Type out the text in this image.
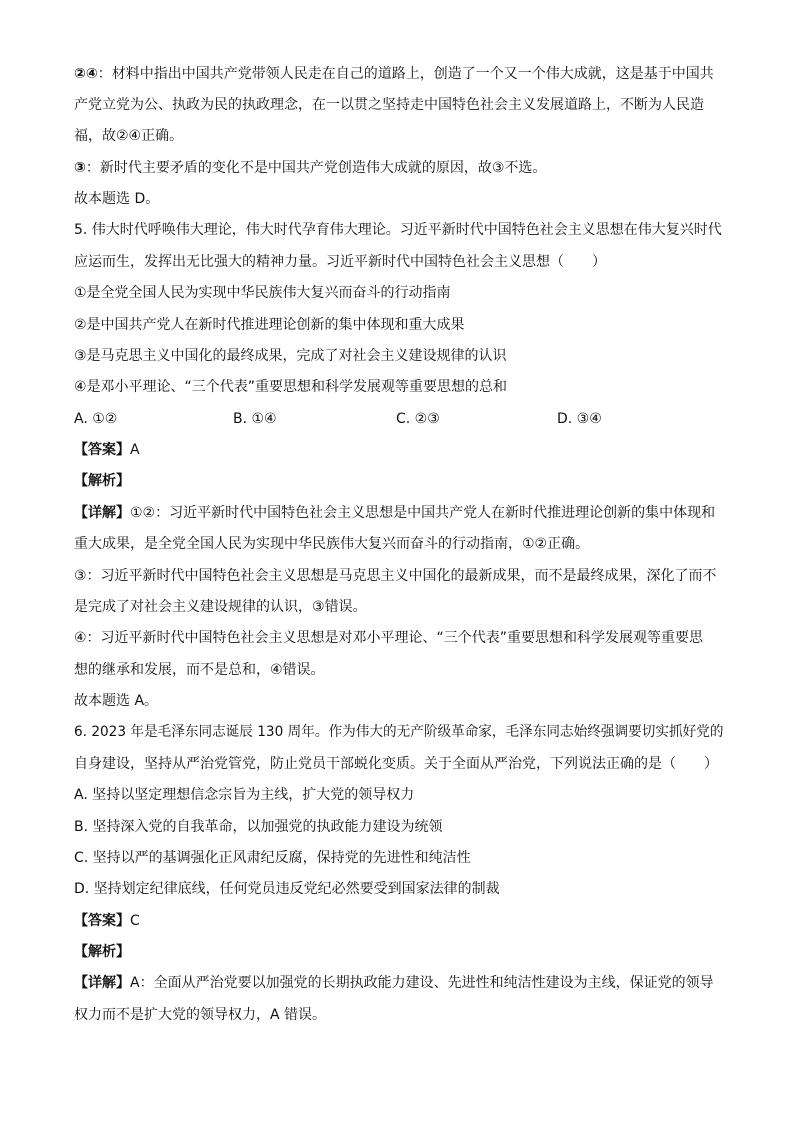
②④：材料中指出中国共产党带领人民走在自己的道路上，创造了一个又一个伟大成就，这是基于中国共
产党立党为公、执政为民的执政理念，在一以贯之坚持走中国特色社会主义发展道路上，不断为人民造
福，故②④正确。
③：新时代主要矛盾的变化不是中国共产党创造伟大成就的原因，故③不选。
故本题选 D。
5. 伟大时代呼唤伟大理论，伟大时代孕育伟大理论。习近平新时代中国特色社会主义思想在伟大复兴时代
应运而生，发挥出无比强大的精神力量。习近平新时代中国特色社会主义思想（　　）
①是全党全国人民为实现中华民族伟大复兴而奋斗的行动指南
②是中国共产党人在新时代推进理论创新的集中体现和重大成果
③是马克思主义中国化的最终成果，完成了对社会主义建设规律的认识
④是邓小平理论、“三个代表”重要思想和科学发展观等重要思想的总和
A. ①②	B. ①④	C. ②③	D. ③④
【答案】A
【解析】
【详解】①②：习近平新时代中国特色社会主义思想是中国共产党人在新时代推进理论创新的集中体现和
重大成果，是全党全国人民为实现中华民族伟大复兴而奋斗的行动指南，①②正确。
③：习近平新时代中国特色社会主义思想是马克思主义中国化的最新成果，而不是最终成果，深化了而不
是完成了对社会主义建设规律的认识，③错误。
④：习近平新时代中国特色社会主义思想是对邓小平理论、“三个代表”重要思想和科学发展观等重要思
想的继承和发展，而不是总和，④错误。
故本题选 A。
6. 2023 年是毛泽东同志诞辰 130 周年。作为伟大的无产阶级革命家，毛泽东同志始终强调要切实抓好党的
自身建设，坚持从严治党管党，防止党员干部蜕化变质。关于全面从严治党，下列说法正确的是（　　）
A. 坚持以坚定理想信念宗旨为主线，扩大党的领导权力
B. 坚持深入党的自我革命，以加强党的执政能力建设为统领
C. 坚持以严的基调强化正风肃纪反腐，保持党的先进性和纯洁性
D. 坚持划定纪律底线，任何党员违反党纪必然要受到国家法律的制裁
【答案】C
【解析】
【详解】A：全面从严治党要以加强党的长期执政能力建设、先进性和纯洁性建设为主线，保证党的领导
权力而不是扩大党的领导权力，A 错误。
